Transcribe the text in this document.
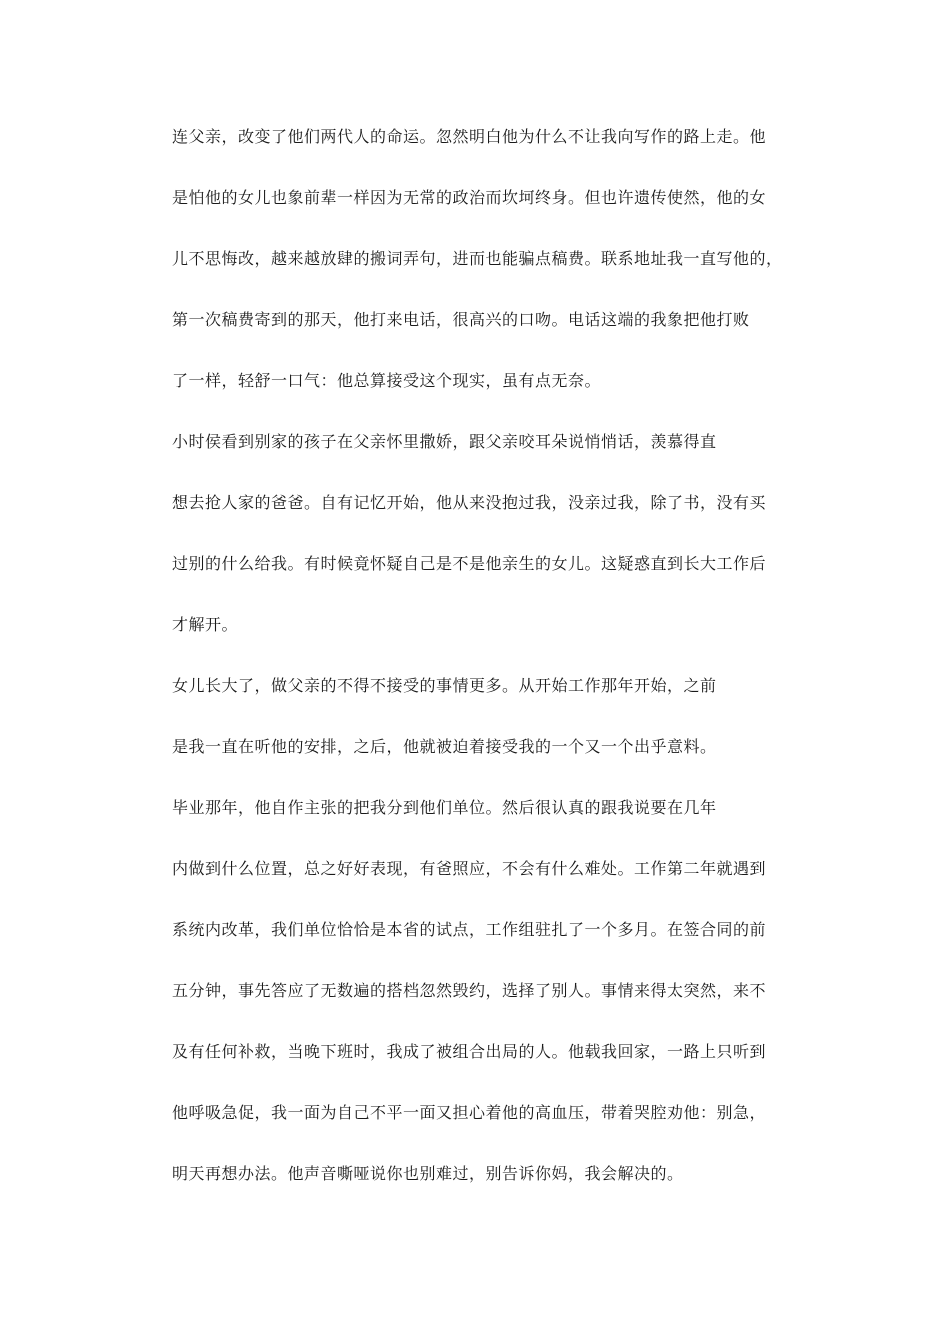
连父亲，改变了他们两代人的命运。忽然明白他为什么不让我向写作的路上走。他
是怕他的女儿也象前辈一样因为无常的政治而坎坷终身。但也许遗传使然，他的女
儿不思悔改，越来越放肆的搬词弄句，进而也能骗点稿费。联系地址我一直写他的，
第一次稿费寄到的那天，他打来电话，很高兴的口吻。电话这端的我象把他打败
了一样，轻舒一口气：他总算接受这个现实，虽有点无奈。
小时侯看到别家的孩子在父亲怀里撒娇，跟父亲咬耳朵说悄悄话，羡慕得直
想去抢人家的爸爸。自有记忆开始，他从来没抱过我，没亲过我，除了书，没有买
过别的什么给我。有时候竟怀疑自己是不是他亲生的女儿。这疑惑直到长大工作后
才解开。
女儿长大了，做父亲的不得不接受的事情更多。从开始工作那年开始，之前
是我一直在听他的安排，之后，他就被迫着接受我的一个又一个出乎意料。
毕业那年，他自作主张的把我分到他们单位。然后很认真的跟我说要在几年
内做到什么位置，总之好好表现，有爸照应，不会有什么难处。工作第二年就遇到
系统内改革，我们单位恰恰是本省的试点，工作组驻扎了一个多月。在签合同的前
五分钟，事先答应了无数遍的搭档忽然毁约，选择了别人。事情来得太突然，来不
及有任何补救，当晚下班时，我成了被组合出局的人。他载我回家，一路上只听到
他呼吸急促，我一面为自己不平一面又担心着他的高血压，带着哭腔劝他：别急，
明天再想办法。他声音嘶哑说你也别难过，别告诉你妈，我会解决的。
